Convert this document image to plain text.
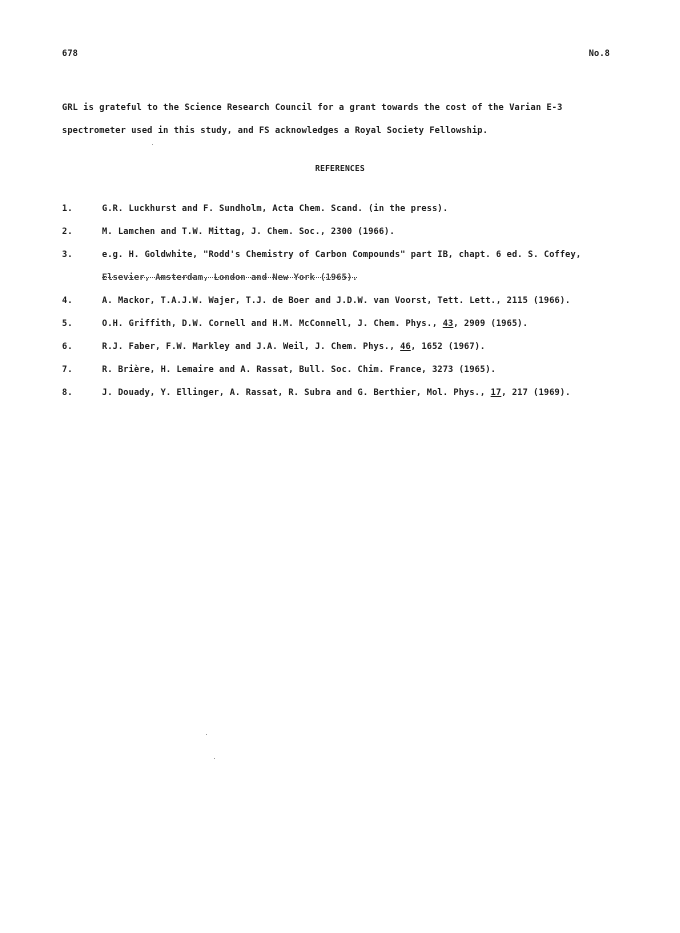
678	No.8

GRL is grateful to the Science Research Council for a grant towards the cost of the Varian E-3

spectrometer used in this study, and FS acknowledges a Royal Society Fellowship.

REFERENCES
1.	G.R. Luckhurst and F. Sundholm, Acta Chem. Scand. (in the press).
2.	M. Lamchen and T.W. Mittag, J. Chem. Soc., 2300 (1966).
3.	e.g. H. Goldwhite, "Rodd's Chemistry of Carbon Compounds" part IB, chapt. 6 ed. S. Coffey,
Elsevier, Amsterdam, London and New York (1965).
4.	A. Mackor, T.A.J.W. Wajer, T.J. de Boer and J.D.W. van Voorst, Tett. Lett., 2115 (1966).
5.	O.H. Griffith, D.W. Cornell and H.M. McConnell, J. Chem. Phys., 43, 2909 (1965).
6.	R.J. Faber, F.W. Markley and J.A. Weil, J. Chem. Phys., 46, 1652 (1967).
7.	R. Brière, H. Lemaire and A. Rassat, Bull. Soc. Chim. France, 3273 (1965).
8.	J. Douady, Y. Ellinger, A. Rassat, R. Subra and G. Berthier, Mol. Phys., 17, 217 (1969).
